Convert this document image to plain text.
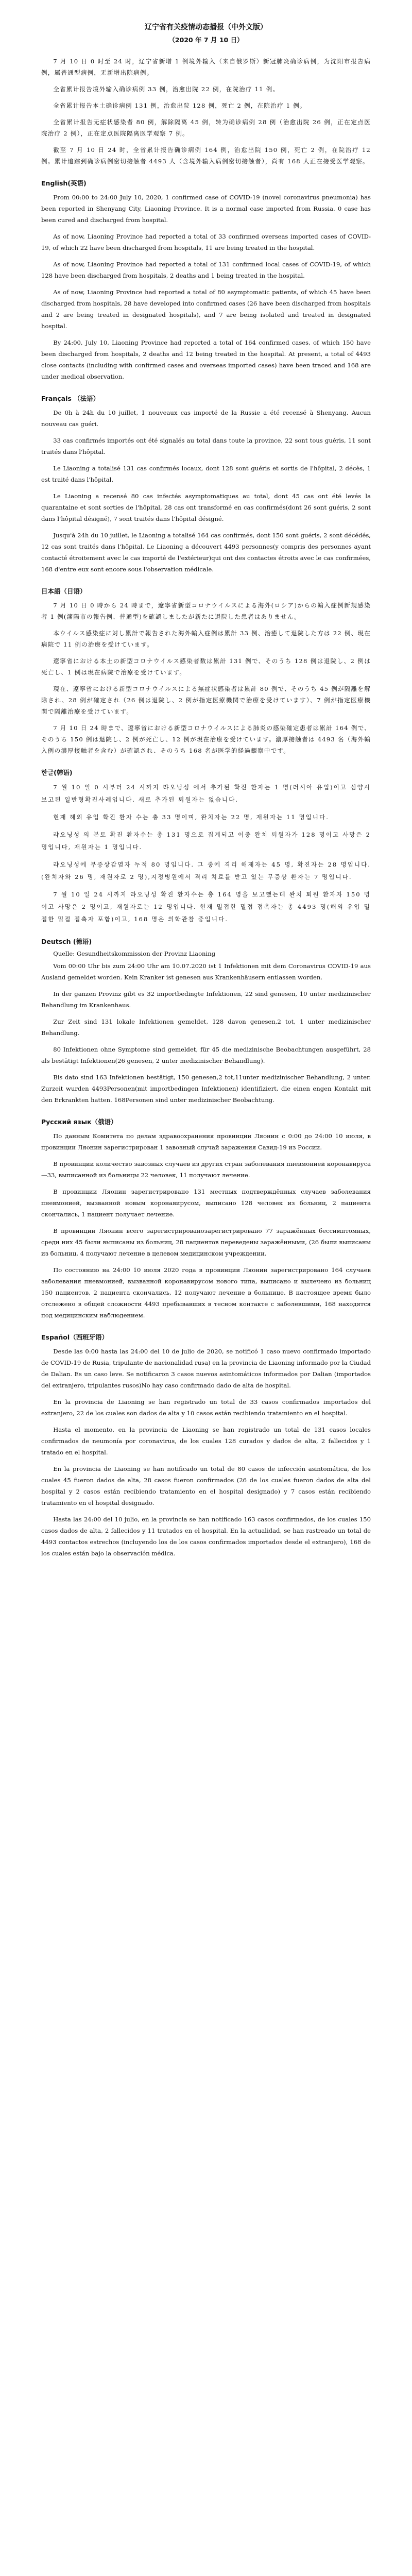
辽宁省有关疫情动态播报（中外文版）
（2020 年 7 月 10 日）

7 月 10 日 0 时至 24 时，辽宁省新增 1 例境外输入（来自俄罗斯）新冠肺炎确诊病例，为沈阳市报告病例，属普通型病例，无新增出院病例。

全省累计报告境外输入确诊病例 33 例，治愈出院 22 例，在院治疗 11 例。

全省累计报告本土确诊病例 131 例，治愈出院 128 例，死亡 2 例，在院治疗 1 例。

全省累计报告无症状感染者 80 例，解除隔离 45 例，转为确诊病例 28 例（治愈出院 26 例，正在定点医院治疗 2 例），正在定点医院隔离医学观察 7 例。

截至 7 月 10 日 24 时，全省累计报告确诊病例 164 例，治愈出院 150 例，死亡 2 例，在院治疗 12 例。累计追踪到确诊病例密切接触者 4493 人（含境外输入病例密切接触者），尚有 168 人正在接受医学观察。

English(英语)

From 00:00 to 24:00 July 10, 2020, 1 confirmed case of COVID-19 (novel coronavirus pneumonia) has been reported in Shenyang City, Liaoning Province. It is a normal case imported from Russia. 0 case has been cured and discharged from hospital.

As of now, Liaoning Province had reported a total of 33 confirmed overseas imported cases of COVID-19, of which 22 have been discharged from hospitals, 11 are being treated in the hospital.

As of now, Liaoning Province had reported a total of 131 confirmed local cases of COVID-19, of which 128 have been discharged from hospitals, 2 deaths and 1 being treated in the hospital.

As of now, Liaoning Province had reported a total of 80 asymptomatic patients, of which 45 have been discharged from hospitals, 28 have developed into confirmed cases (26 have been discharged from hospitals and 2 are being treated in designated hospitals), and 7 are being isolated and treated in designated hospital.

By 24:00, July 10, Liaoning Province had reported a total of 164 confirmed cases, of which 150 have been discharged from hospitals, 2 deaths and 12 being treated in the hospital. At present, a total of 4493 close contacts (including with confirmed cases and overseas imported cases) have been traced and 168 are under medical observation.

Français （法语）

De 0h à 24h du 10 juillet, 1 nouveaux cas importé de la Russie a été recensé à Shenyang. Aucun nouveau cas guéri.

33 cas confirmés importés ont été signalés au total dans toute la province, 22 sont tous guéris, 11 sont traités dans l'hôpital.

Le Liaoning a totalisé 131 cas confirmés locaux, dont 128 sont guéris et sortis de l'hôpital, 2 décès, 1 est traité dans l'hôpital.

Le Liaoning a recensé 80 cas infectés asymptomatiques au total, dont 45 cas ont été levés la quarantaine et sont sorties de l'hôpital, 28 cas ont transformé en cas confirmés(dont 26 sont guéris, 2 sont dans l'hôpital désigné), 7 sont traités dans l'hôpital désigné.

Jusqu'à 24h du 10 juillet, le Liaoning a totalisé 164 cas confirmés, dont 150 sont guéris, 2 sont décédés, 12 cas sont traités dans l'hôpital. Le Liaoning a découvert 4493 personnes(y compris des personnes ayant contacté étroitement avec le cas importé de l'extérieur)qui ont des contactes étroits avec le cas confirmées, 168 d'entre eux sont encore sous l'observation médicale.

日本語（日语）

7 月 10 日 0 時から 24 時まで，遼寧省新型コロナウイルスによる海外(ロシア)からの輸入症例新規感染者 1 例(瀋陽市の報告例、普通型)を確認しましたが新たに退院した患者はありません。

本ウイルス感染症に対し累計で報告された海外輸入症例は累計 33 例、治癒して退院した方は 22 例、現在病院で 11 例の治療を受けています。

遼寧省における本土の新型コロナウイルス感染者数は累計 131 例で、そのうち 128 例は退院し、2 例は死亡し、1 例は現在病院で治療を受けています。

現在、遼寧省における新型コロナウイルスによる無症状感染者は累計 80 例で、そのうち 45 例が隔離を解除され、28 例が確定され（26 例は退院し、2 例が指定医療機関で治療を受けています）、7 例が指定医療機関で隔離治療を受けています。

7 月 10 日 24 時まで、遼寧省における新型コロナウイルスによる肺炎の感染確定患者は累計 164 例で、そのうち 150 例は退院し、2 例が死亡し、12 例が現在治療を受けています。濃厚接触者は 4493 名（海外輸入例の濃厚接触者を含む）が確認され、そのうち 168 名が医学的経過観察中です。

한글(韩语)

7 월 10 일 0 시부터 24 시까지 랴오닝성 에서 추가된 확진 환자는 1 명(러시아 유입)이고 심양시 보고된 일반형확진사례입니다. 새로 추가된 퇴원자는 없습니다.

현재 해외 유입 확진 환자 수는 총 33 명이며, 완치자는 22 명, 재원자는 11 명입니다.

랴오닝성 의 본토 확진 환자수는 총 131 명으로 집계되고 이중 완치 퇴원자가 128 명이고 사망은 2 명입니다, 재원자는 1 명입니다.

랴오닝성에 무증상감염자 누적 80 명입니다. 그 중에 격리 해제자는 45 명, 확진자는 28 명입니다.(완치자와 26 명, 재원자로 2 명),지정병원에서 격리 치료를 받고 있는 무증상 환자는 7 명입니다.

7 월 10 일 24 시까지 랴오닝성 확진 환자수는 총 164 명을 보고했는데 완치 퇴원 환자자 150 명이고 사망은 2 명이고, 재원자로는 12 명입니다. 현재 밀접한 밀접 접촉자는 총 4493 명(해외 유입 밀접한 밀접 접촉자 포함)이고, 168 명은 의학관찰 중입니다.

Deutsch (德语)
Quelle: Gesundheitskommission der Provinz Liaoning

Vom 00:00 Uhr bis zum 24:00 Uhr am 10.07.2020 ist 1 Infektionen mit dem Coronavirus COVID-19 aus Ausland gemeldet worden. Kein Kranker ist genesen aus Krankenhäusern entlassen worden.

In der ganzen Provinz gibt es 32 importbedingte Infektionen, 22 sind genesen, 10 unter medizinischer Behandlung im Krankenhaus.

Zur Zeit sind 131 lokale Infektionen gemeldet, 128 davon genesen,2 tot, 1 unter medizinischer Behandlung.

80 Infektionen ohne Symptome sind gemeldet, für 45 die medizinische Beobachtungen ausgeführt, 28 als bestätigt Infektionen(26 genesen, 2 unter medizinischer Behandlung).

Bis dato sind 163 Infektionen bestätigt, 150 genesen,2 tot,11unter medizinischer Behandlung, 2 unter. Zurzeit wurden 4493Personen(mit importbedingen Infektionen) identifiziert, die einen engen Kontakt mit den Erkrankten hatten. 168Personen sind unter medizinischer Beobachtung.

Русский язык（俄语）

По данным Комитета по делам здравоохранения провинции Ляонин с 0:00 до 24:00 10 июля, в провинции Ляонин зарегистрирован 1 завозный случай заражения Савид-19 из России.

В провинции количество завозных случаев из других стран заболевания пневмонией коронавируса—33, выписанной из больницы 22 человек, 11 получают лечение.

В провинции Ляонин зарегистрировано 131 местных подтверждённых случаев заболевания пневмонией, вызванной новым коронавирусом, выписано 128 человек из больниц, 2 пациента скончались, 1 пациент получает лечение.

В провинции Ляонин всего зарегистрированозарегистрировано 77 заражённых бессимптомных, среди них 45 были выписаны из больниц, 28 пациентов переведены заражёнными, (26 были выписаны из больниц, 4 получают лечение в целевом медицинском учреждении.

По состоянию на 24:00 10 июля 2020 года в провинции Ляонин зарегистрировано 164 случаев заболевания пневмонией, вызванной коронавирусом нового типа, выписано и вылечено из больниц 150 пациентов, 2 пациента скончались, 12 получают лечение в больнице. В настоящее время было отслежено в общей сложности 4493 пребывавших в тесном контакте с заболевшими, 168 находятся под медицинским наблюдением.

Español（西班牙语）

Desde las 0:00 hasta las 24:00 del 10 de julio de 2020, se notificó 1 caso nuevo confirmado importado de COVID-19 de Rusia, tripulante de nacionalidad rusa) en la provincia de Liaoning informado por la Ciudad de Dalian. Es un caso leve. Se notificaron 3 casos nuevos asintomáticos informados por Dalian (importados del extranjero, tripulantes rusos)No hay caso confirmado dado de alta de hospital.

En la provincia de Liaoning se han registrado un total de 33 casos confirmados importados del extranjero, 22 de los cuales son dados de alta y 10 casos están recibiendo tratamiento en el hospital.

Hasta el momento, en la provincia de Liaoning se han registrado un total de 131 casos locales confirmados de neumonía por coronavirus, de los cuales 128 curados y dados de alta, 2 fallecidos y 1 tratado en el hospital.

En la provincia de Liaoning se han notificado un total de 80 casos de infección asintomática, de los cuales 45 fueron dados de alta, 28 casos fueron confirmados (26 de los cuales fueron dados de alta del hospital y 2 casos están recibiendo tratamiento en el hospital designado) y 7 casos están recibiendo tratamiento en el hospital designado.

Hasta las 24:00 del 10 julio, en la provincia se han notificado 163 casos confirmados, de los cuales 150 casos dados de alta, 2 fallecidos y 11 tratados en el hospital. En la actualidad, se han rastreado un total de 4493 contactos estrechos (incluyendo los de los casos confirmados importados desde el extranjero), 168 de los cuales están bajo la observación médica.
